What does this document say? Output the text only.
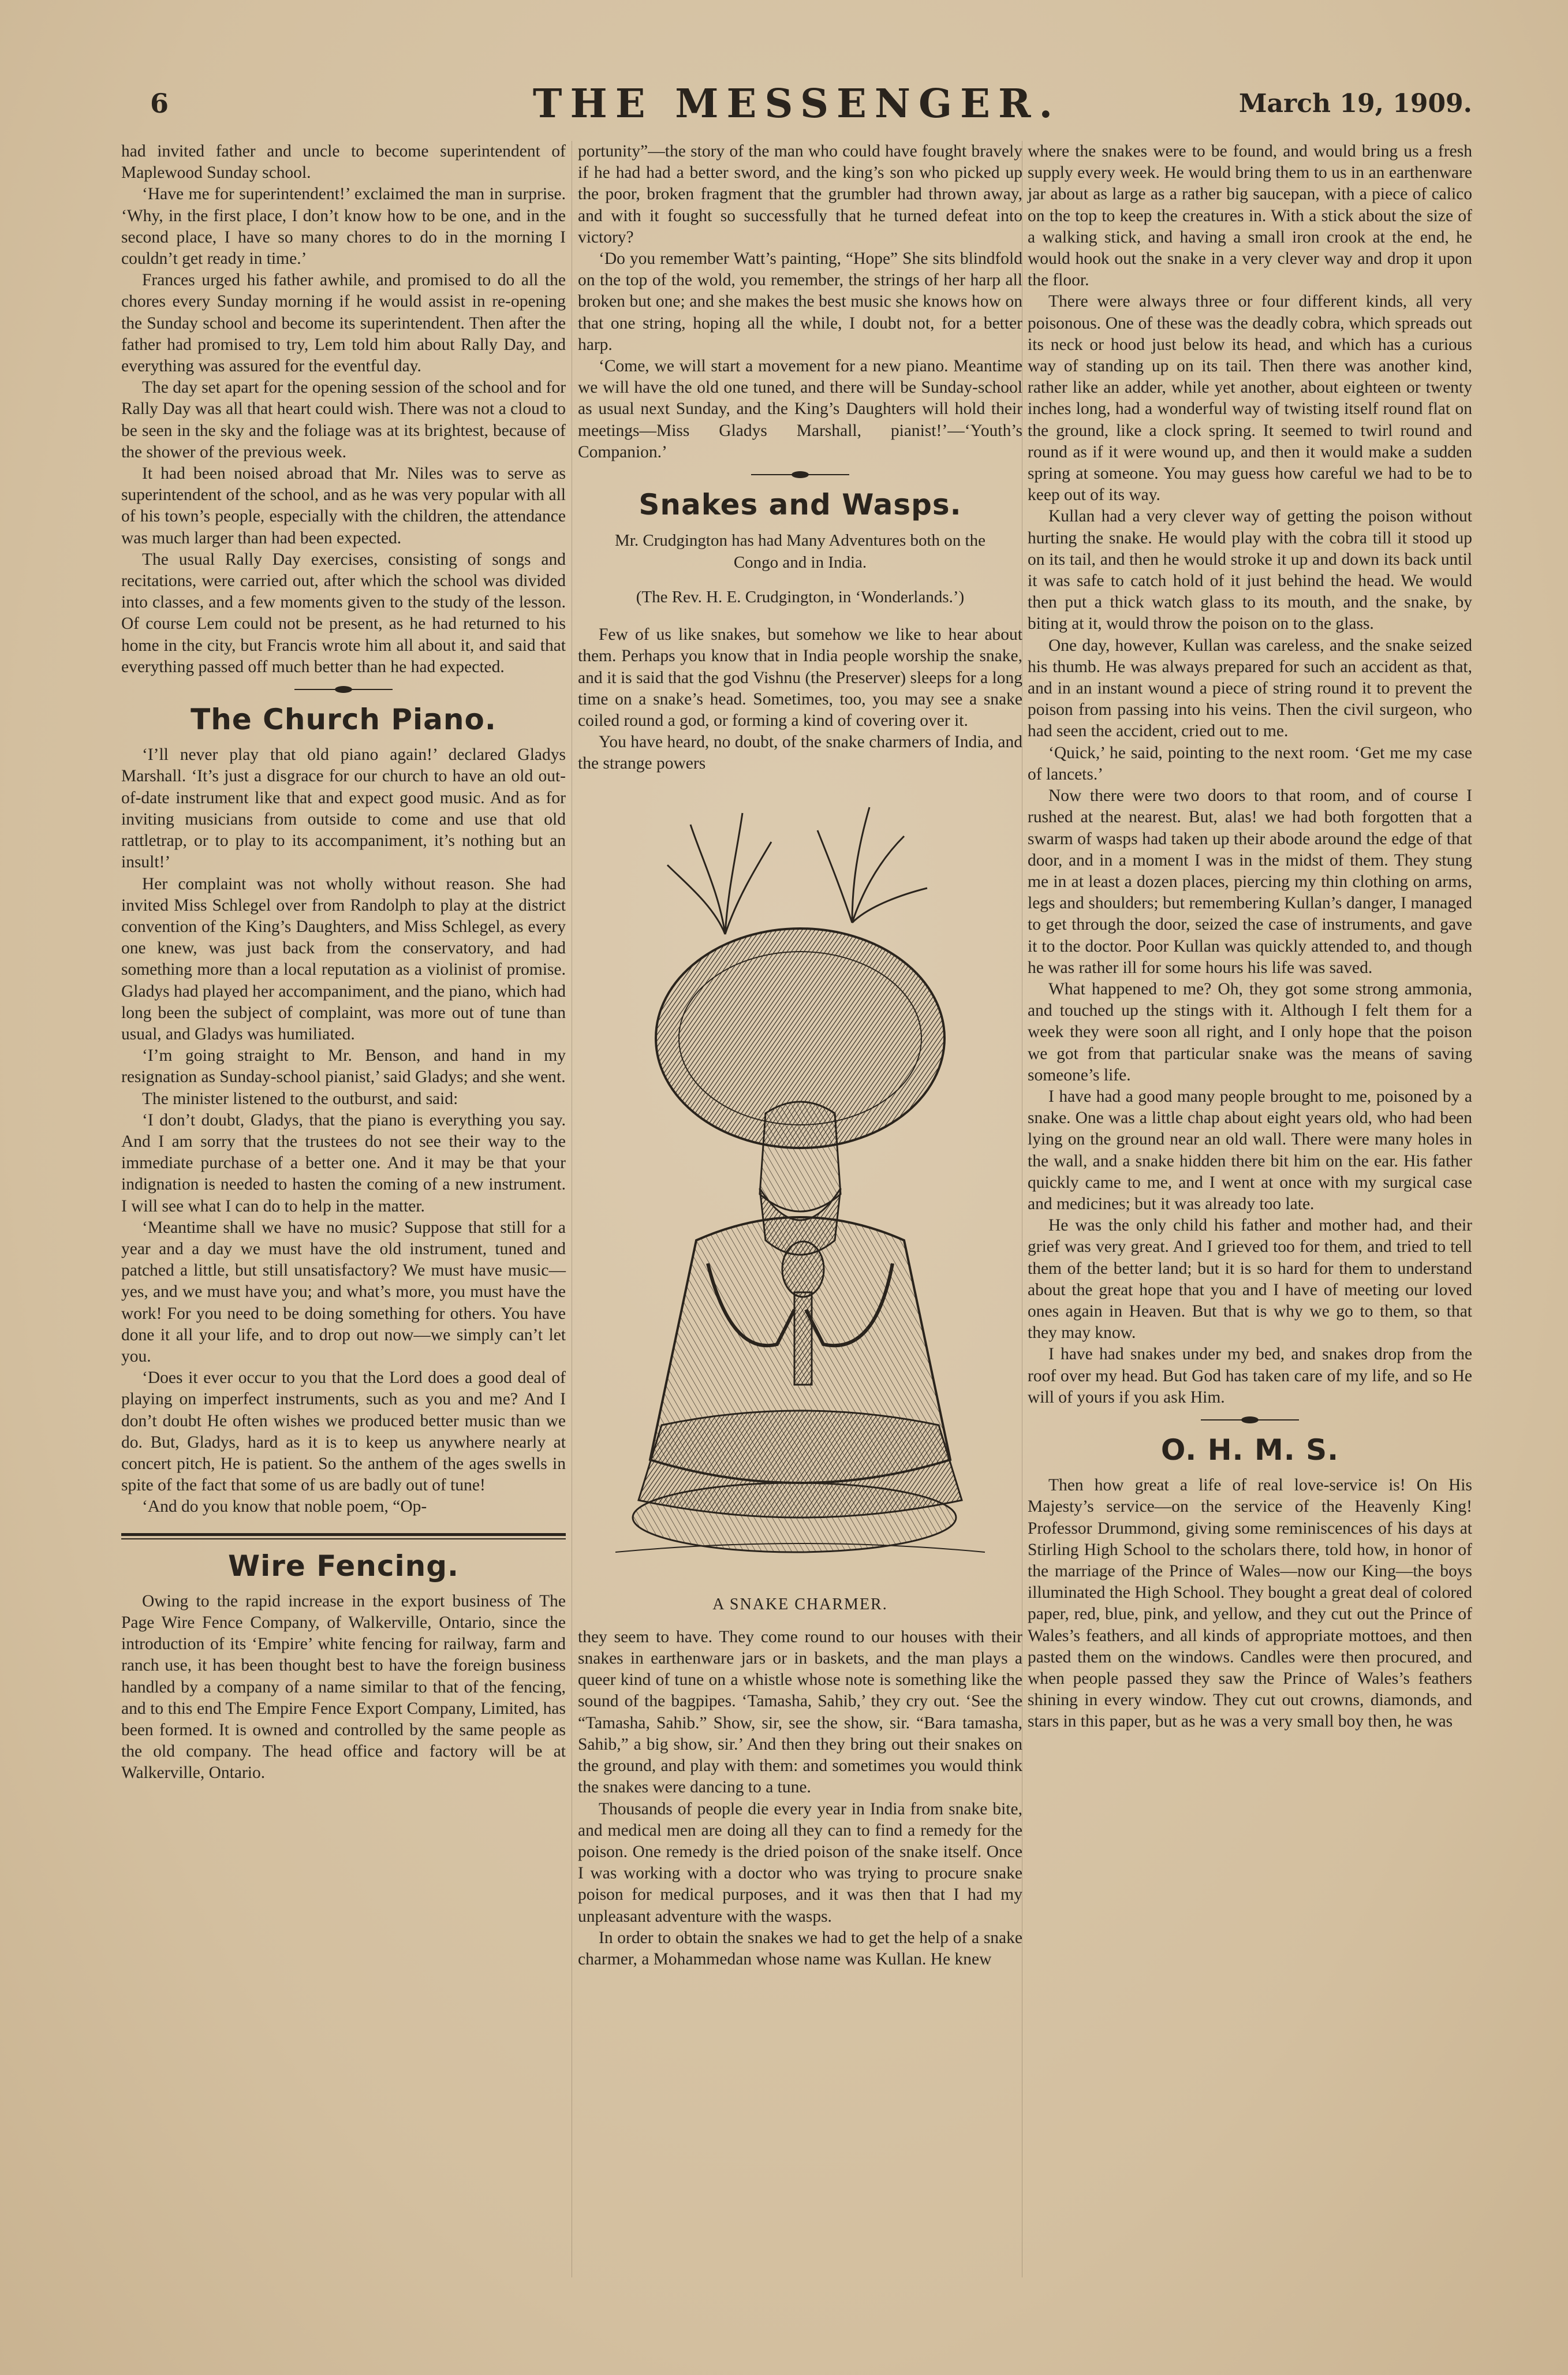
6	THE MESSENGER.	March 19, 1909.

had invited father and uncle to become superintendent of Maplewood Sunday school.

‘Have me for superintendent!’ exclaimed the man in surprise. ‘Why, in the first place, I don’t know how to be one, and in the second place, I have so many chores to do in the morning I couldn’t get ready in time.’

Frances urged his father awhile, and promised to do all the chores every Sunday morning if he would assist in re-opening the Sunday school and become its superintendent. Then after the father had promised to try, Lem told him about Rally Day, and everything was assured for the eventful day.

The day set apart for the opening session of the school and for Rally Day was all that heart could wish. There was not a cloud to be seen in the sky and the foliage was at its brightest, because of the shower of the previous week.

It had been noised abroad that Mr. Niles was to serve as superintendent of the school, and as he was very popular with all of his town’s people, especially with the children, the attendance was much larger than had been expected.

The usual Rally Day exercises, consisting of songs and recitations, were carried out, after which the school was divided into classes, and a few moments given to the study of the lesson. Of course Lem could not be present, as he had returned to his home in the city, but Francis wrote him all about it, and said that everything passed off much better than he had expected.

The Church Piano.

‘I’ll never play that old piano again!’ declared Gladys Marshall. ‘It’s just a disgrace for our church to have an old out-of-date instrument like that and expect good music. And as for inviting musicians from outside to come and use that old rattletrap, or to play to its accompaniment, it’s nothing but an insult!’

Her complaint was not wholly without reason. She had invited Miss Schlegel over from Randolph to play at the district convention of the King’s Daughters, and Miss Schlegel, as every one knew, was just back from the conservatory, and had something more than a local reputation as a violinist of promise. Gladys had played her accompaniment, and the piano, which had long been the subject of complaint, was more out of tune than usual, and Gladys was humiliated.

‘I’m going straight to Mr. Benson, and hand in my resignation as Sunday-school pianist,’ said Gladys; and she went.

The minister listened to the outburst, and said:

‘I don’t doubt, Gladys, that the piano is everything you say. And I am sorry that the trustees do not see their way to the immediate purchase of a better one. And it may be that your indignation is needed to hasten the coming of a new instrument. I will see what I can do to help in the matter.

‘Meantime shall we have no music? Suppose that still for a year and a day we must have the old instrument, tuned and patched a little, but still unsatisfactory? We must have music—yes, and we must have you; and what’s more, you must have the work! For you need to be doing something for others. You have done it all your life, and to drop out now—we simply can’t let you.

‘Does it ever occur to you that the Lord does a good deal of playing on imperfect instruments, such as you and me? And I don’t doubt He often wishes we produced better music than we do. But, Gladys, hard as it is to keep us anywhere nearly at concert pitch, He is patient. So the anthem of the ages swells in spite of the fact that some of us are badly out of tune!

‘And do you know that noble poem, “Op-

Wire Fencing.

Owing to the rapid increase in the export business of The Page Wire Fence Company, of Walkerville, Ontario, since the introduction of its ‘Empire’ white fencing for railway, farm and ranch use, it has been thought best to have the foreign business handled by a company of a name similar to that of the fencing, and to this end The Empire Fence Export Company, Limited, has been formed. It is owned and controlled by the same people as the old company. The head office and factory will be at Walkerville, Ontario.

portunity”—the story of the man who could have fought bravely if he had had a better sword, and the king’s son who picked up the poor, broken fragment that the grumbler had thrown away, and with it fought so successfully that he turned defeat into victory?

‘Do you remember Watt’s painting, “Hope” She sits blindfold on the top of the wold, you remember, the strings of her harp all broken but one; and she makes the best music she knows how on that one string, hoping all the while, I doubt not, for a better harp.

‘Come, we will start a movement for a new piano. Meantime we will have the old one tuned, and there will be Sunday-school as usual next Sunday, and the King’s Daughters will hold their meetings—Miss Gladys Marshall, pianist!’—‘Youth’s Companion.’

Snakes and Wasps.
Mr. Crudgington has had Many Adventures both on the Congo and in India.
(The Rev. H. E. Crudgington, in ‘Wonderlands.’)

Few of us like snakes, but somehow we like to hear about them. Perhaps you know that in India people worship the snake, and it is said that the god Vishnu (the Preserver) sleeps for a long time on a snake’s head. Sometimes, too, you may see a snake coiled round a god, or forming a kind of covering over it.

You have heard, no doubt, of the snake charmers of India, and the strange powers

A SNAKE CHARMER.

they seem to have. They come round to our houses with their snakes in earthenware jars or in baskets, and the man plays a queer kind of tune on a whistle whose note is something like the sound of the bagpipes. ‘Tamasha, Sahib,’ they cry out. ‘See the “Tamasha, Sahib.” Show, sir, see the show, sir. “Bara tamasha, Sahib,” a big show, sir.’ And then they bring out their snakes on the ground, and play with them: and sometimes you would think the snakes were dancing to a tune.

Thousands of people die every year in India from snake bite, and medical men are doing all they can to find a remedy for the poison. One remedy is the dried poison of the snake itself. Once I was working with a doctor who was trying to procure snake poison for medical purposes, and it was then that I had my unpleasant adventure with the wasps.

In order to obtain the snakes we had to get the help of a snake charmer, a Mohammedan whose name was Kullan. He knew

where the snakes were to be found, and would bring us a fresh supply every week. He would bring them to us in an earthenware jar about as large as a rather big saucepan, with a piece of calico on the top to keep the creatures in. With a stick about the size of a walking stick, and having a small iron crook at the end, he would hook out the snake in a very clever way and drop it upon the floor.

There were always three or four different kinds, all very poisonous. One of these was the deadly cobra, which spreads out its neck or hood just below its head, and which has a curious way of standing up on its tail. Then there was another kind, rather like an adder, while yet another, about eighteen or twenty inches long, had a wonderful way of twisting itself round flat on the ground, like a clock spring. It seemed to twirl round and round as if it were wound up, and then it would make a sudden spring at someone. You may guess how careful we had to be to keep out of its way.

Kullan had a very clever way of getting the poison without hurting the snake. He would play with the cobra till it stood up on its tail, and then he would stroke it up and down its back until it was safe to catch hold of it just behind the head. We would then put a thick watch glass to its mouth, and the snake, by biting at it, would throw the poison on to the glass.

One day, however, Kullan was careless, and the snake seized his thumb. He was always prepared for such an accident as that, and in an instant wound a piece of string round it to prevent the poison from passing into his veins. Then the civil surgeon, who had seen the accident, cried out to me.

‘Quick,’ he said, pointing to the next room. ‘Get me my case of lancets.’

Now there were two doors to that room, and of course I rushed at the nearest. But, alas! we had both forgotten that a swarm of wasps had taken up their abode around the edge of that door, and in a moment I was in the midst of them. They stung me in at least a dozen places, piercing my thin clothing on arms, legs and shoulders; but remembering Kullan’s danger, I managed to get through the door, seized the case of instruments, and gave it to the doctor. Poor Kullan was quickly attended to, and though he was rather ill for some hours his life was saved.

What happened to me? Oh, they got some strong ammonia, and touched up the stings with it. Although I felt them for a week they were soon all right, and I only hope that the poison we got from that particular snake was the means of saving someone’s life.

I have had a good many people brought to me, poisoned by a snake. One was a little chap about eight years old, who had been lying on the ground near an old wall. There were many holes in the wall, and a snake hidden there bit him on the ear. His father quickly came to me, and I went at once with my surgical case and medicines; but it was already too late.

He was the only child his father and mother had, and their grief was very great. And I grieved too for them, and tried to tell them of the better land; but it is so hard for them to understand about the great hope that you and I have of meeting our loved ones again in Heaven. But that is why we go to them, so that they may know.

I have had snakes under my bed, and snakes drop from the roof over my head. But God has taken care of my life, and so He will of yours if you ask Him.

O. H. M. S.

Then how great a life of real love-service is! On His Majesty’s service—on the service of the Heavenly King! Professor Drummond, giving some reminiscences of his days at Stirling High School to the scholars there, told how, in honor of the marriage of the Prince of Wales—now our King—the boys illuminated the High School. They bought a great deal of colored paper, red, blue, pink, and yellow, and they cut out the Prince of Wales’s feathers, and all kinds of appropriate mottoes, and then pasted them on the windows. Candles were then procured, and when people passed they saw the Prince of Wales’s feathers shining in every window. They cut out crowns, diamonds, and stars in this paper, but as he was a very small boy then, he was
